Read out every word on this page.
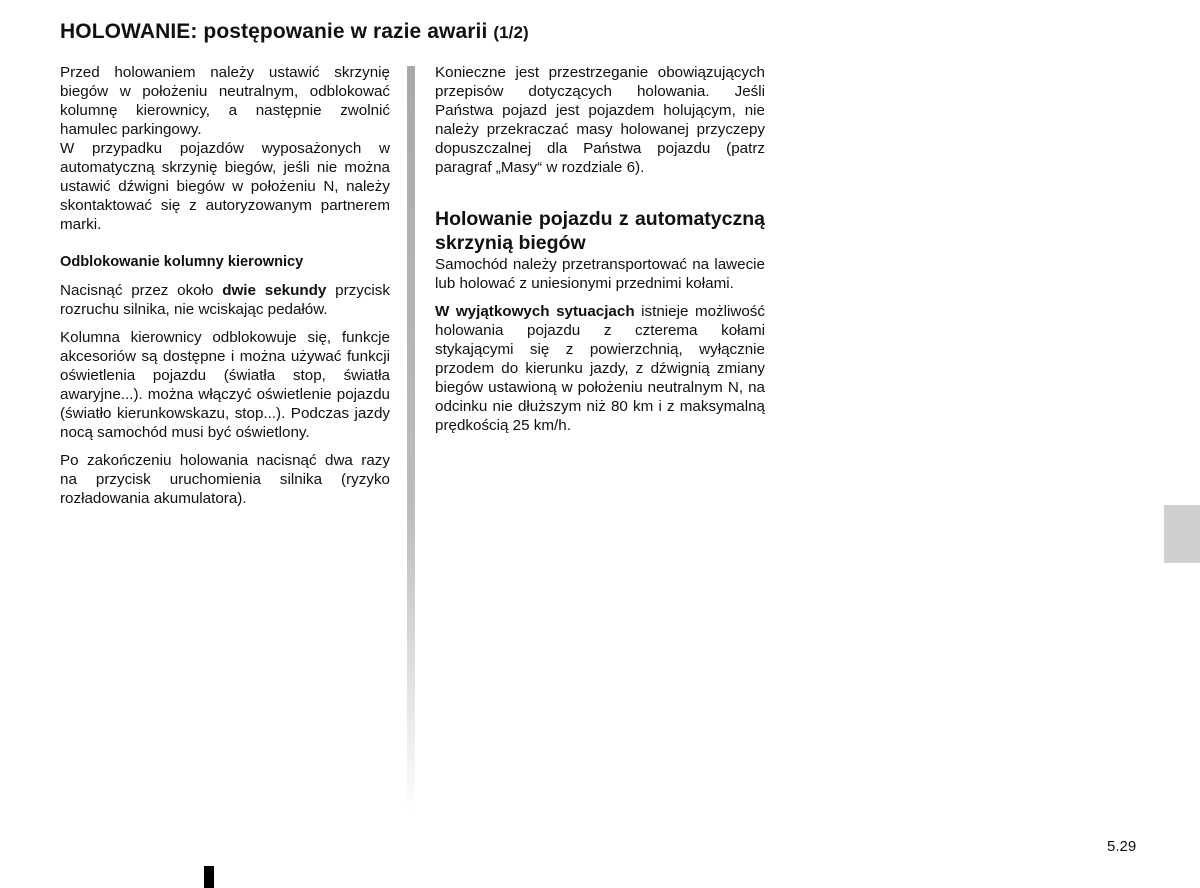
HOLOWANIE: postępowanie w razie awarii (1/2)

Przed holowaniem należy ustawić skrzynię biegów w położeniu neutralnym, odblokować kolumnę kierownicy, a następnie zwolnić hamulec parkingowy.

W przypadku pojazdów wyposażonych w automatyczną skrzynię biegów, jeśli nie można ustawić dźwigni biegów w położeniu N, należy skontaktować się z autoryzowanym partnerem marki.

Odblokowanie kolumny kierownicy

Nacisnąć przez około dwie sekundy przycisk rozruchu silnika, nie wciskając pedałów.

Kolumna kierownicy odblokowuje się, funkcje akcesoriów są dostępne i można używać funkcji oświetlenia pojazdu (światła stop, światła awaryjne...). można włączyć oświetlenie pojazdu (światło kierunkowskazu, stop...). Podczas jazdy nocą samochód musi być oświetlony.

Po zakończeniu holowania nacisnąć dwa razy na przycisk uruchomienia silnika (ryzyko rozładowania akumulatora).

Konieczne jest przestrzeganie obowiązujących przepisów dotyczących holowania. Jeśli Państwa pojazd jest pojazdem holującym, nie należy przekraczać masy holowanej przyczepy dopuszczalnej dla Państwa pojazdu (patrz paragraf „Masy“ w rozdziale 6).

Holowanie pojazdu z automatyczną skrzynią biegów

Samochód należy przetransportować na lawecie lub holować z uniesionymi przednimi kołami.

W wyjątkowych sytuacjach istnieje możliwość holowania pojazdu z czterema kołami stykającymi się z powierzchnią, wyłącznie przodem do kierunku jazdy, z dźwignią zmiany biegów ustawioną w położeniu neutralnym N, na odcinku nie dłuższym niż 80 km i z maksymalną prędkością 25 km/h.

5.29
